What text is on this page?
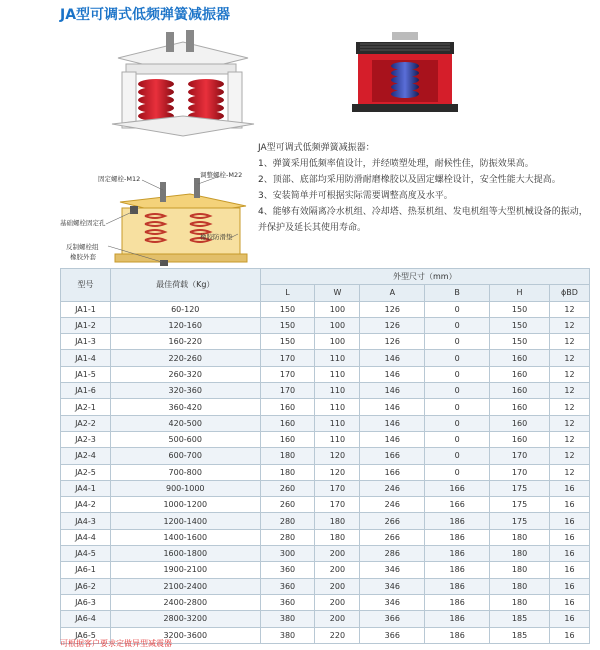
JA型可调式低频弹簧减振器
固定螺栓-M12	调整螺栓-M22
基础螺栓固定孔
橡胶防滑垫
反制螺栓组
橡胶外套

JA型可调式低频弹簧减振器：

1、弹簧采用低频率值设计，并经喷塑处理，耐候性佳，防振效果高。

2、顶部、底部均采用防滑耐磨橡胶以及固定螺栓设计，安全性能大大提高。

3、安装简单并可根据实际需要调整高度及水平。

4、能够有效隔离冷水机组、冷却塔、热泵机组、发电机组等大型机械设备的振动，并保护及延长其使用寿命。

型号	最佳荷载（Kg）	外型尺寸（mm）					
		L	W	A	B	H	ϕBD
JA1-1	60-120	150	100	126	0	150	12
JA1-2	120-160	150	100	126	0	150	12
JA1-3	160-220	150	100	126	0	150	12
JA1-4	220-260	170	110	146	0	160	12
JA1-5	260-320	170	110	146	0	160	12
JA1-6	320-360	170	110	146	0	160	12
JA2-1	360-420	160	110	146	0	160	12
JA2-2	420-500	160	110	146	0	160	12
JA2-3	500-600	160	110	146	0	160	12
JA2-4	600-700	180	120	166	0	170	12
JA2-5	700-800	180	120	166	0	170	12
JA4-1	900-1000	260	170	246	166	175	16
JA4-2	1000-1200	260	170	246	166	175	16
JA4-3	1200-1400	280	180	266	186	175	16
JA4-4	1400-1600	280	180	266	186	180	16
JA4-5	1600-1800	300	200	286	186	180	16
JA6-1	1900-2100	360	200	346	186	180	16
JA6-2	2100-2400	360	200	346	186	180	16
JA6-3	2400-2800	360	200	346	186	180	16
JA6-4	2800-3200	380	200	366	186	185	16
JA6-5	3200-3600	380	220	366	186	185	16
可根据客户要求定做异型减震器
